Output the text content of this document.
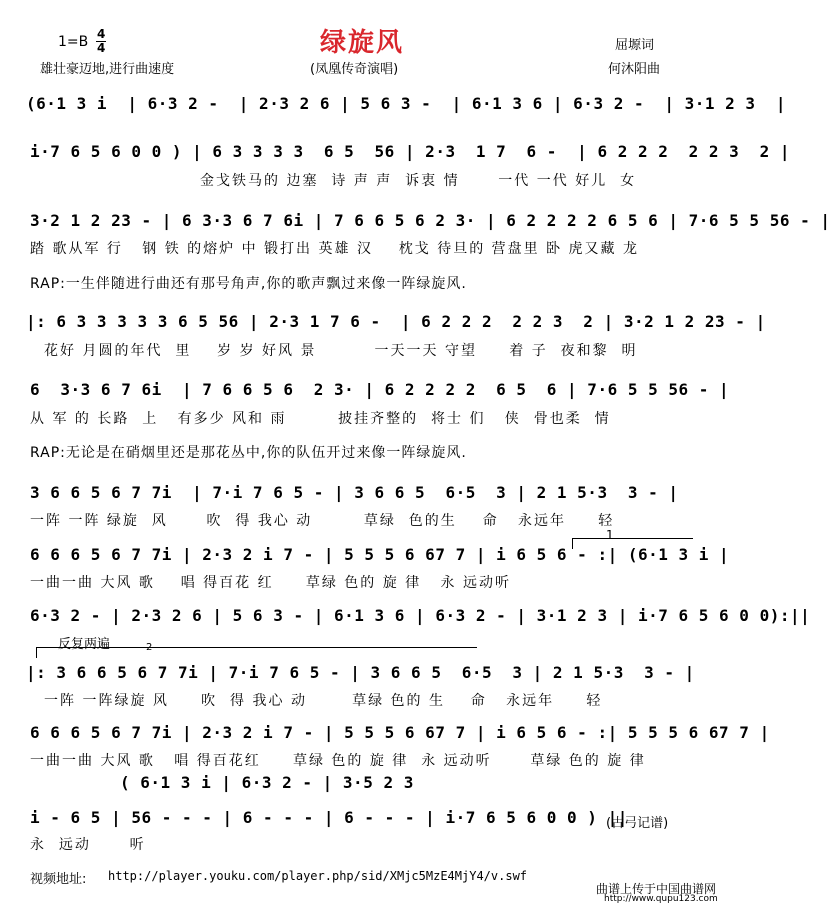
1=B 4
4	绿旋风	屈塬词
雄壮豪迈地,进行曲速度	(凤凰传奇演唱)	何沐阳曲
(6·1 3 i  | 6·3 2 -  | 2·3 2 6 | 5 6 3 -  | 6·1 3 6 | 6·3 2 -  | 3·1 2 3  |
i·7 6 5 6 0 0 ) | 6 3 3 3 3  6 5  56 | 2·3  1 7  6 -  | 6 2 2 2  2 2 3  2 |
金戈铁马的 边塞  诗 声 声  诉衷 情      一代 一代 好儿  女
3·2 1 2 23 - | 6 3·3 6 7 6i | 7 6 6 5 6 2 3· | 6 2 2 2 2 6 5 6 | 7·6 5 5 56 - |
踏 歌从军 行   钢 铁 的熔炉 中 锻打出 英雄 汉    枕戈 待旦的 营盘里 卧 虎又藏 龙
RAP:一生伴随进行曲还有那号角声,你的歌声飘过来像一阵绿旋风.
|: 6 3 3 3 3 3 6 5 56 | 2·3 1 7 6 -  | 6 2 2 2  2 2 3  2 | 3·2 1 2 23 - |
花好 月圆的年代  里    岁 岁 好风 景         一天一天 守望     着 子  夜和黎  明
6  3·3 6 7 6i  | 7 6 6 5 6  2 3· | 6 2 2 2 2  6 5  6 | 7·6 5 5 56 - |
从 军 的 长路  上   有多少 风和 雨        披挂齐整的  将士 们   侠  骨也柔  情
RAP:无论是在硝烟里还是那花丛中,你的队伍开过来像一阵绿旋风.
3 6 6 5 6 7 7i  | 7·i 7 6 5 - | 3 6 6 5  6·5  3 | 2 1 5·3  3 - |
一阵 一阵 绿旋  风      吹  得 我心 动        草绿  色的生    命   永远年     轻
1
6 6 6 5 6 7 7i | 2·3 2 i 7 - | 5 5 5 6 67 7 | i 6 5 6 - :| (6·1 3 i |
一曲一曲 大风 歌    唱 得百花 红     草绿 色的 旋 律   永 远动听
6·3 2 - | 2·3 2 6 | 5 6 3 - | 6·1 3 6 | 6·3 2 - | 3·1 2 3 | i·7 6 5 6 0 0):||
反复两遍	2
|: 3 6 6 5 6 7 7i | 7·i 7 6 5 - | 3 6 6 5  6·5  3 | 2 1 5·3  3 - |
一阵 一阵绿旋 风     吹  得 我心 动       草绿 色的 生    命   永远年     轻
6 6 6 5 6 7 7i | 2·3 2 i 7 - | 5 5 5 6 67 7 | i 6 5 6 - :| 5 5 5 6 67 7 |
一曲一曲 大风 歌   唱 得百花红     草绿 色的 旋 律  永 远动听      草绿 色的 旋 律
( 6·1 3 i | 6·3 2 - | 3·5 2 3
i - 6 5 | 56 - - - | 6 - - - | 6 - - - | i·7 6 5 6 0 0 ) ||
永  远动      听
(古弓记谱)
视频地址: http://player.youku.com/player.php/sid/XMjc5MzE4MjY4/v.swf
曲谱上传于中国曲谱网
http://www.qupu123.com
